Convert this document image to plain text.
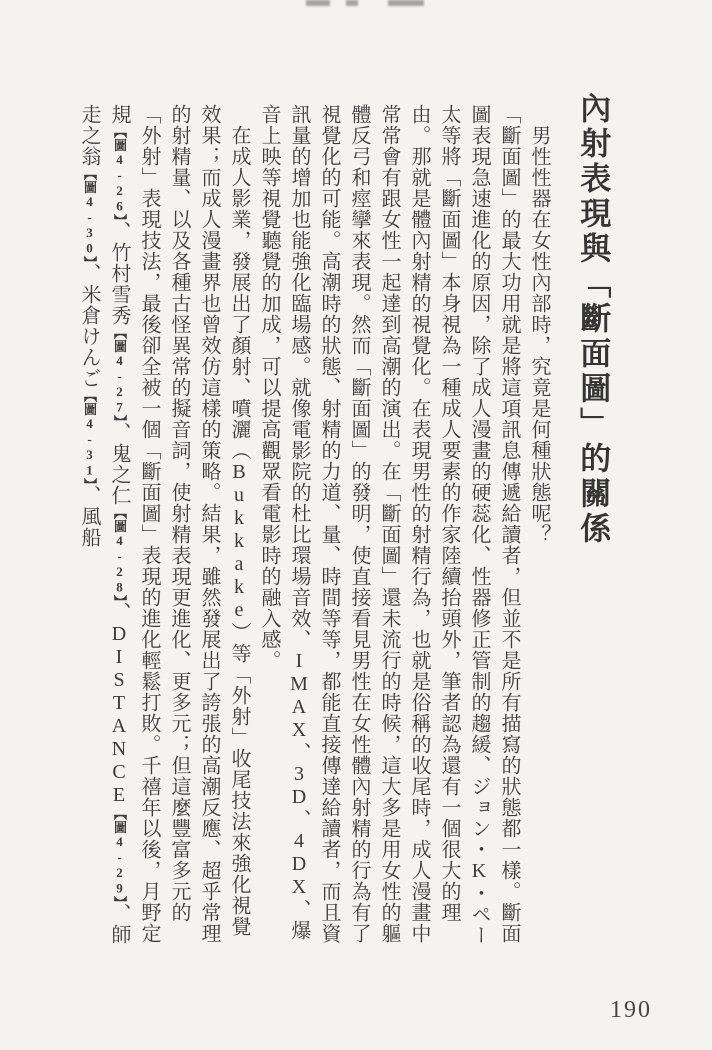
內射表現與「斷面圖」的關係

男性性器在女性內部時，究竟是何種狀態呢？

「斷面圖」的最大功用就是將這項訊息傳遞給讀者，但並不是所有描寫的狀態都一樣。斷面圖表現急速進化的原因，除了成人漫畫的硬蕊化、性器修正管制的趨緩、ジョン・K・ペー太等將「斷面圖」本身視為一種成人要素的作家陸續抬頭外，筆者認為還有一個很大的理由。那就是體內射精的視覺化。在表現男性的射精行為，也就是俗稱的收尾時，成人漫畫中常常會有跟女性一起達到高潮的演出。在「斷面圖」還未流行的時候，這大多是用女性的軀體反弓和痙攣來表現。然而「斷面圖」的發明，使直接看見男性在女性體內射精的行為有了視覺化的可能。高潮時的狀態、射精的力道、量、時間等等，都能直接傳達給讀者，而且資訊量的增加也能強化臨場感。就像電影院的杜比環場音效、IMAX、3D、4DX、爆音上映等視覺聽覺的加成，可以提高觀眾看電影時的融入感。

在成人影業，發展出了顏射、噴灑（Bukkake）等「外射」收尾技法來強化視覺效果；而成人漫畫界也曾效仿這樣的策略。結果，雖然發展出了誇張的高潮反應、超乎常理的射精量、以及各種古怪異常的擬音詞，使射精表現更進化、更多元；但這麼豐富多元的「外射」表現技法，最後卻全被一個「斷面圖」表現的進化輕鬆打敗。千禧年以後，月野定規【圖4-26】、竹村雪秀【圖4-27】、鬼之仁【圖4-28】、DISTANCE【圖4-29】、師走之翁【圖4-30】、米倉けんご【圖4-31】、風船

190
